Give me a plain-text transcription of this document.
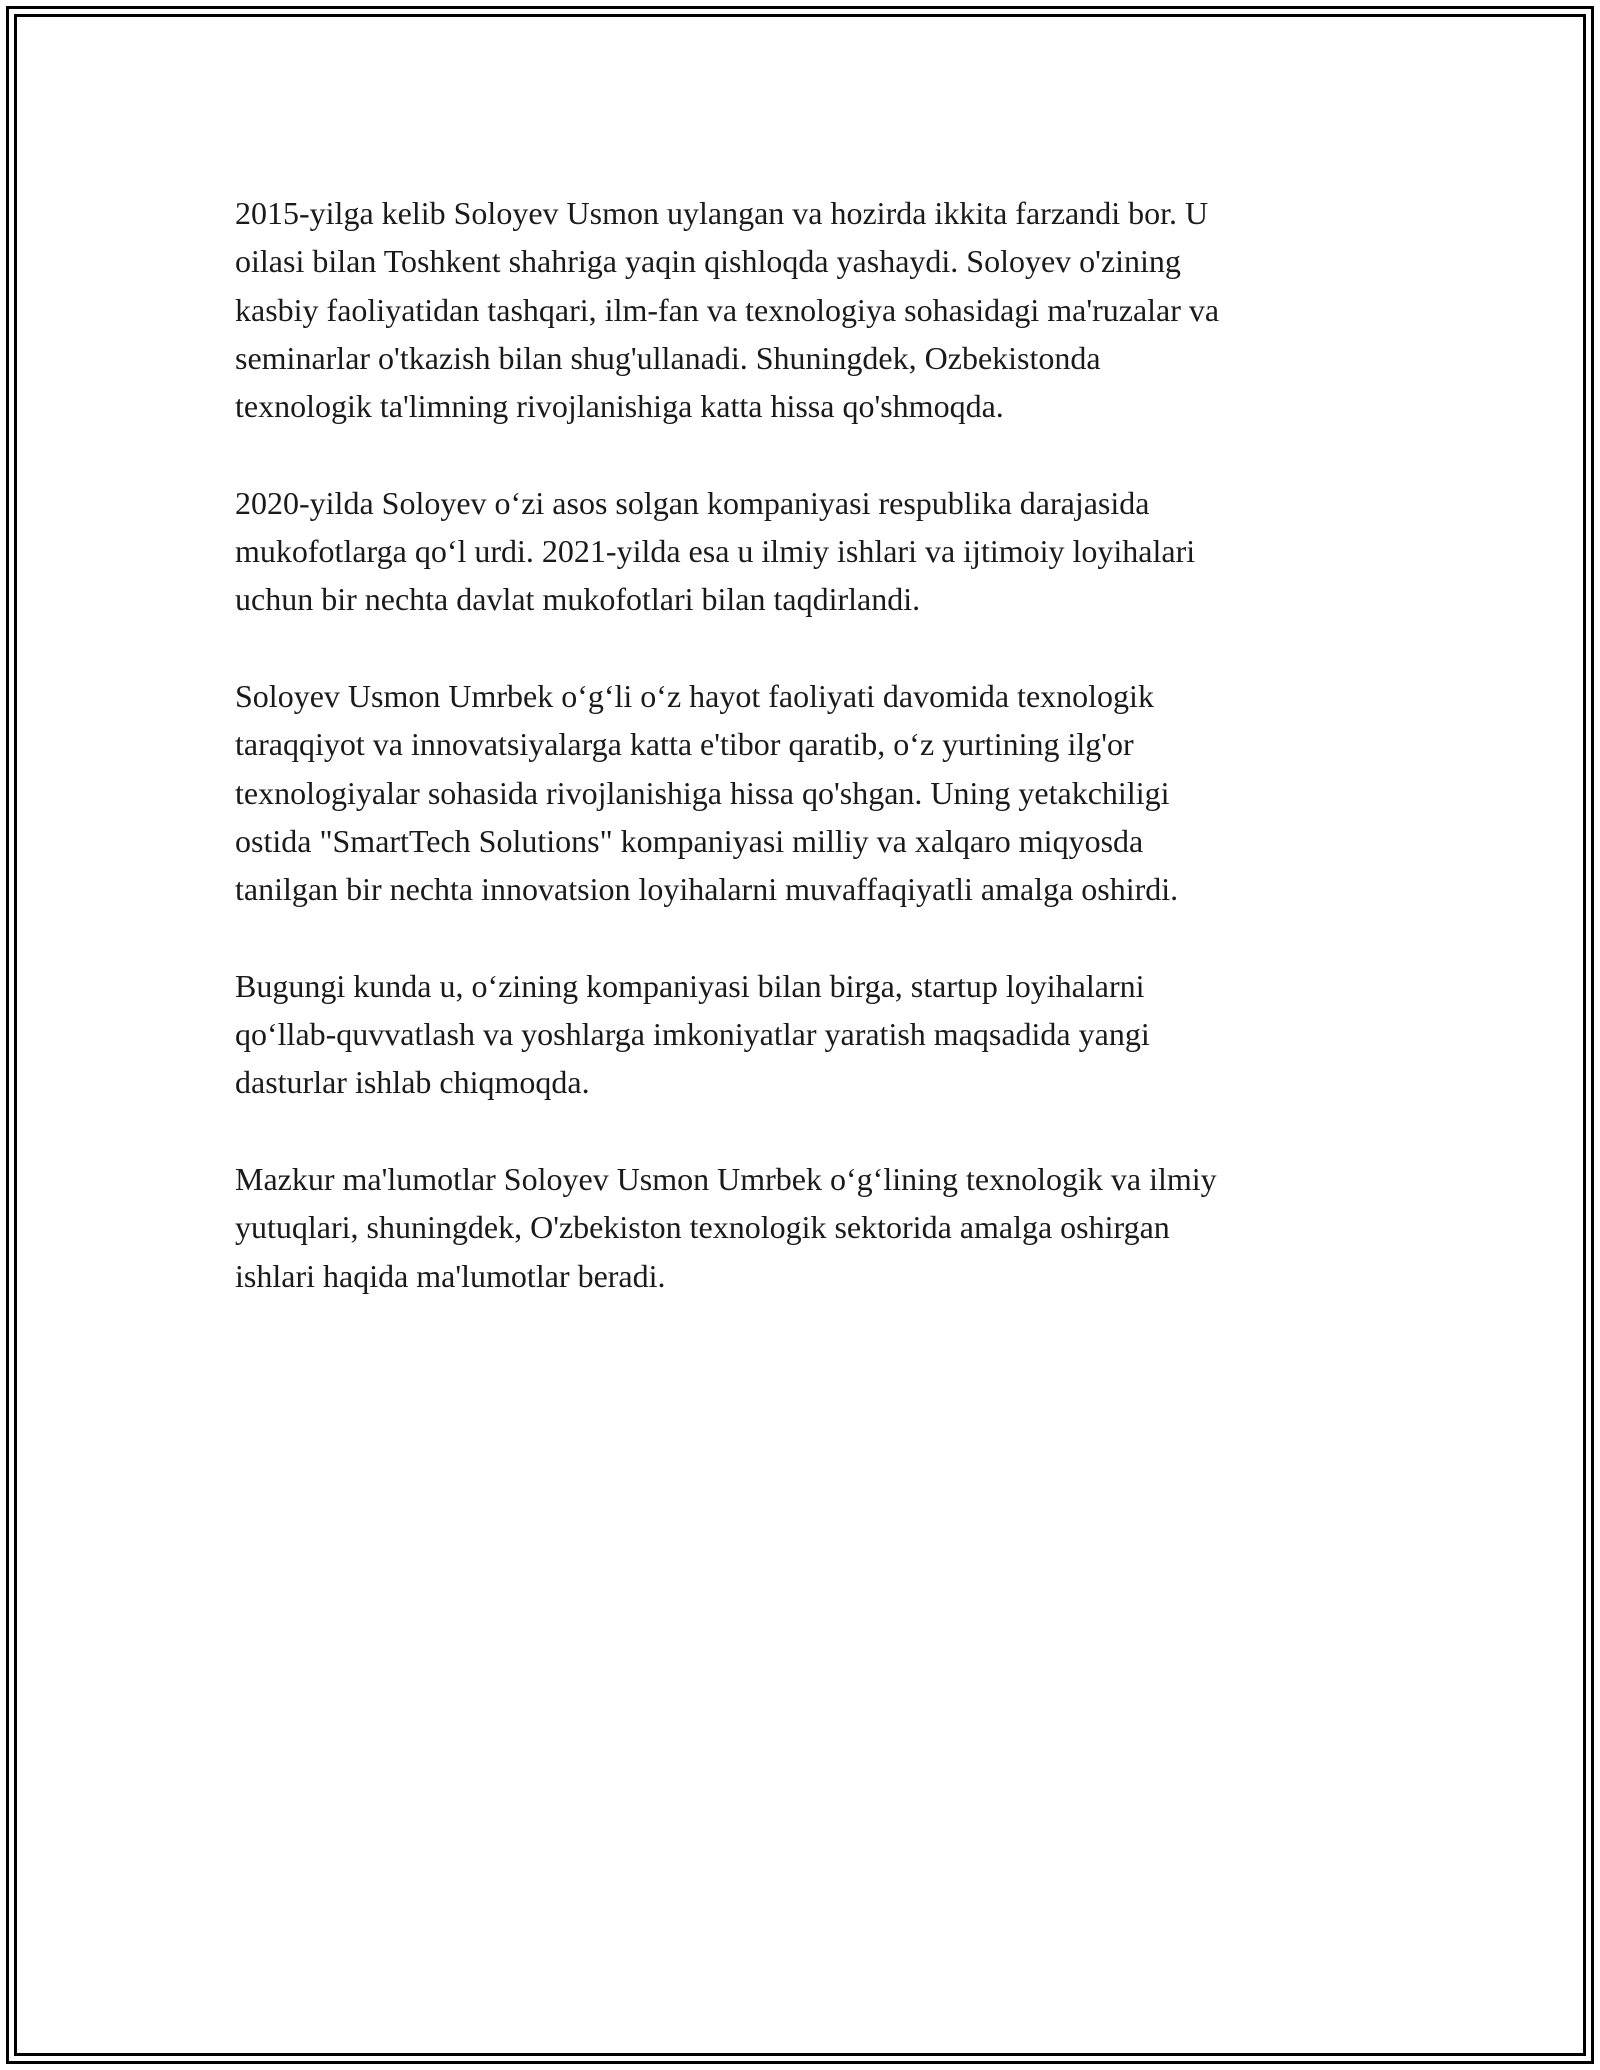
2015-yilga kelib Soloyev Usmon uylangan va hozirda ikkita farzandi bor. U
oilasi bilan Toshkent shahriga yaqin qishloqda yashaydi. Soloyev o'zining
kasbiy faoliyatidan tashqari, ilm-fan va texnologiya sohasidagi ma'ruzalar va
seminarlar o'tkazish bilan shug'ullanadi. Shuningdek, Ozbekistonda
texnologik ta'limning rivojlanishiga katta hissa qo'shmoqda.

2020-yilda Soloyev o‘zi asos solgan kompaniyasi respublika darajasida
mukofotlarga qo‘l urdi. 2021-yilda esa u ilmiy ishlari va ijtimoiy loyihalari
uchun bir nechta davlat mukofotlari bilan taqdirlandi.

Soloyev Usmon Umrbek o‘g‘li o‘z hayot faoliyati davomida texnologik
taraqqiyot va innovatsiyalarga katta e'tibor qaratib, o‘z yurtining ilg'or
texnologiyalar sohasida rivojlanishiga hissa qo'shgan. Uning yetakchiligi
ostida "SmartTech Solutions" kompaniyasi milliy va xalqaro miqyosda
tanilgan bir nechta innovatsion loyihalarni muvaffaqiyatli amalga oshirdi.

Bugungi kunda u, o‘zining kompaniyasi bilan birga, startup loyihalarni
qo‘llab-quvvatlash va yoshlarga imkoniyatlar yaratish maqsadida yangi
dasturlar ishlab chiqmoqda.

Mazkur ma'lumotlar Soloyev Usmon Umrbek o‘g‘lining texnologik va ilmiy
yutuqlari, shuningdek, O'zbekiston texnologik sektorida amalga oshirgan
ishlari haqida ma'lumotlar beradi.
